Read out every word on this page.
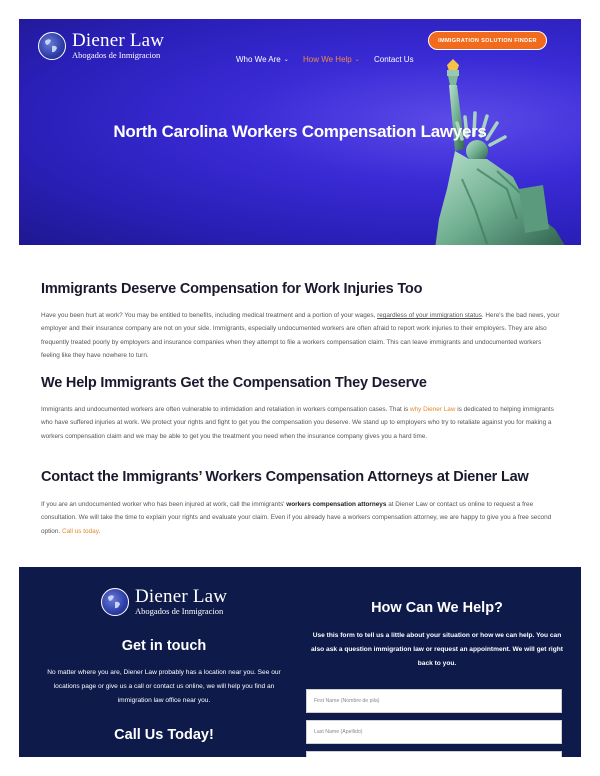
Diener Law
Abogados de Inmigracion	Who We Are ⌄ How We Help ⌄ Contact Us
IMMIGRATION SOLUTION FINDER
North Carolina Workers Compensation Lawyers
Immigrants Deserve Compensation for Work Injuries Too
Have you been hurt at work? You may be entitled to benefits, including medical treatment and a portion of your wages, regardless of your immigration status. Here's the bad news, your employer and their insurance company are not on your side. Immigrants, especially undocumented workers are often afraid to report work injuries to their employers. They are also frequently treated poorly by employers and insurance companies when they attempt to file a workers compensation claim. This can leave immigrants and undocumented workers feeling like they have nowhere to turn.
We Help Immigrants Get the Compensation They Deserve
Immigrants and undocumented workers are often vulnerable to intimidation and retaliation in workers compensation cases. That is why Diener Law is dedicated to helping immigrants who have suffered injuries at work. We protect your rights and fight to get you the compensation you deserve. We stand up to employers who try to retaliate against you for making a workers compensation claim and we may be able to get you the treatment you need when the insurance company gives you a hard time.
Contact the Immigrants’ Workers Compensation Attorneys at Diener Law
If you are an undocumented worker who has been injured at work, call the immigrants' workers compensation attorneys at Diener Law or contact us online to request a free consultation. We will take the time to explain your rights and evaluate your claim. Even if you already have a workers compensation attorney, we are happy to give you a free second option. Call us today.
Diener Law
Abogados de Inmigracion
Get in touch
No matter where you are, Diener Law probably has a location near you. See our locations page or give us a call or contact us online, we will help you find an immigration law office near you.
Call Us Today!
How Can We Help?
Use this form to tell us a little about your situation or how we can help. You can also ask a question immigration law or request an appointment. We will get right back to you.
First Name (Nombre de pila)
Last Name (Apellido)
